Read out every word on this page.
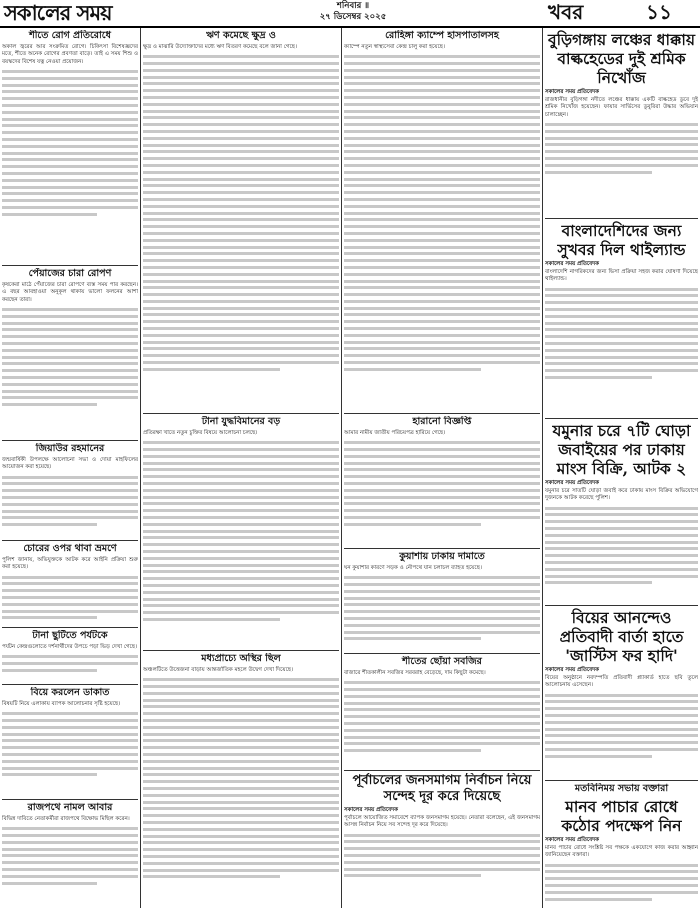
সকালের সময়	শনিবার ॥
২৭ ডিসেম্বর ২০২৫	খবর	১১
শীতে রোগ প্রতিরোধে

অকাল জ্বরের আর সংক্রমিত রোগে। চিকিৎসা বিশেষজ্ঞদের মতে, শীতে অনেক রোগের প্রবণতা বাড়ে। তাই এ সময় শিশু ও বয়স্কদের বিশেষ যত্ন নেওয়া প্রয়োজন।

পেঁয়াজের চারা রোপণ

কৃষকেরা মাঠে পেঁয়াজের চারা রোপণে ব্যস্ত সময় পার করছেন। এ বছর আবহাওয়া অনুকূল থাকায় ভালো ফলনের আশা করছেন তারা।

জিয়াউর রহমানের

জন্মবার্ষিকী উপলক্ষে আলোচনা সভা ও দোয়া মাহফিলের আয়োজন করা হয়েছে।

চোরের ওপর থাবা ভ্রমণে

পুলিশ জানায়, অভিযুক্তকে আটক করে আইনি প্রক্রিয়া শুরু করা হয়েছে।

টানা ছুটিতে পর্যটকে

পর্যটন কেন্দ্রগুলোতে দর্শনার্থীদের উপচে পড়া ভিড় দেখা গেছে।

বিয়ে করলেন ডাকাত

বিষয়টি নিয়ে এলাকায় ব্যাপক আলোচনার সৃষ্টি হয়েছে।

রাজপথে নামল আবার

বিভিন্ন দাবিতে নেতাকর্মীরা রাজপথে বিক্ষোভ মিছিল করেন।

ঋণ কমেছে ক্ষুদ্র ও

ক্ষুদ্র ও মাঝারি উদ্যোক্তাদের মধ্যে ঋণ বিতরণ কমেছে বলে জানা গেছে।

টানা যুদ্ধবিমানের বড়

প্রতিরক্ষা খাতে নতুন চুক্তির বিষয়ে আলোচনা চলছে।

মধ্যপ্রাচ্যে অস্থির ছিল

অঞ্চলটিতে উত্তেজনা বাড়ায় আন্তর্জাতিক মহলে উদ্বেগ দেখা দিয়েছে।

রোহিঙ্গা ক্যাম্পে হাসপাতালসহ

ক্যাম্পে নতুন স্বাস্থ্যসেবা কেন্দ্র চালু করা হয়েছে।

হারানো বিজ্ঞপ্তি

আমার নামীয় জাতীয় পরিচয়পত্র হারিয়ে গেছে।

কুয়াশায় ঢাকায় দামাতে

ঘন কুয়াশার কারণে সড়ক ও নৌপথে যান চলাচল ব্যাহত হয়েছে।

শীতের ছোঁয়া সবজির

বাজারে শীতকালীন সবজির সরবরাহ বেড়েছে, দাম কিছুটা কমেছে।

পূর্বাচলের জনসমাগম নির্বাচন নিয়ে সন্দেহ দূর করে দিয়েছে
সকালের সময় প্রতিবেদক

পূর্বাচলে আয়োজিত সমাবেশে ব্যাপক জনসমাগম হয়েছে। নেতারা বলেছেন, এই জনসমাগম আসন্ন নির্বাচন নিয়ে সব সন্দেহ দূর করে দিয়েছে।

বুড়িগঙ্গায় লঞ্চের ধাক্কায় বাল্কহেডের দুই শ্রমিক নিখোঁজ
সকালের সময় প্রতিবেদক

রাজধানীর বুড়িগঙ্গা নদীতে লঞ্চের ধাক্কায় একটি বাল্কহেড ডুবে দুই শ্রমিক নিখোঁজ হয়েছেন। ফায়ার সার্ভিসের ডুবুরিরা উদ্ধার অভিযান চালাচ্ছেন।

বাংলাদেশিদের জন্য সুখবর দিল থাইল্যান্ড
সকালের সময় প্রতিবেদক

বাংলাদেশি নাগরিকদের জন্য ভিসা প্রক্রিয়া সহজ করার ঘোষণা দিয়েছে থাইল্যান্ড।

যমুনার চরে ৭টি ঘোড়া জবাইয়ের পর ঢাকায় মাংস বিক্রি, আটক ২
সকালের সময় প্রতিবেদক

যমুনার চরে সাতটি ঘোড়া জবাই করে ঢাকায় মাংস বিক্রির অভিযোগে দুজনকে আটক করেছে পুলিশ।

বিয়ের আনন্দেও প্রতিবাদী বার্তা হাতে 'জাস্টিস ফর হাদি'
সকালের সময় প্রতিবেদক

বিয়ের অনুষ্ঠানে নবদম্পতি প্রতিবাদী প্ল্যাকার্ড হাতে ছবি তুলে আলোচনায় এসেছেন।

মতবিনিময় সভায় বক্তারা
মানব পাচার রোধে কঠোর পদক্ষেপ নিন
সকালের সময় প্রতিবেদক

মানব পাচার রোধে সংশ্লিষ্ট সব পক্ষকে একযোগে কাজ করার আহ্বান জানিয়েছেন বক্তারা।
